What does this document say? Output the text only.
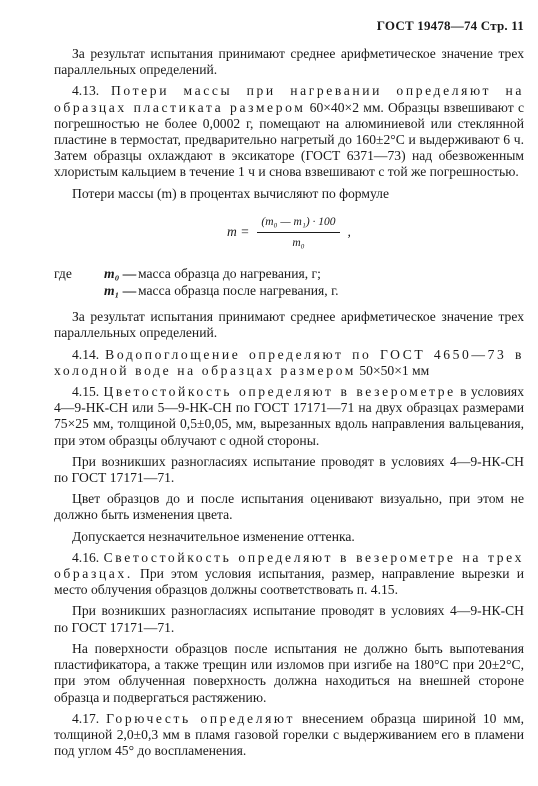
ГОСТ 19478—74 Стр. 11

За результат испытания принимают среднее арифметическое значение трех параллельных определений.

4.13. Потери массы при нагревании определяют на образцах пластиката размером 60×40×2 мм. Образцы взвешивают с погрешностью не более 0,0002 г, помещают на алюминиевой или стеклянной пластине в термостат, предварительно нагретый до 160±2°С и выдерживают 6 ч. Затем образцы охлаждают в эксикаторе (ГОСТ 6371—73) над обезвоженным хлористым кальцием в течение 1 ч и снова взвешивают с той же погрешностью.

Потери массы (m) в процентах вычисляют по формуле

$m = \frac{\text{(m₀ — m₁) · 100}}{\text{m₀}}$ ,
где	m₀ — масса образца до нагревания, г;
m₁ — масса образца после нагревания, г.

За результат испытания принимают среднее арифметическое значение трех параллельных определений.

4.14. Водопоглощение определяют по ГОСТ 4650—73 в холодной воде на образцах размером 50×50×1 мм

4.15. Цветостойкость определяют в везерометре в условиях 4—9-НК-СН или 5—9-НК-СН по ГОСТ 17171—71 на двух образцах размерами 75×25 мм, толщиной 0,5±0,05, мм, вырезанных вдоль направления вальцевания, при этом образцы облучают с одной стороны.

При возникших разногласиях испытание проводят в условиях 4—9-НК-СН по ГОСТ 17171—71.

Цвет образцов до и после испытания оценивают визуально, при этом не должно быть изменения цвета.

Допускается незначительное изменение оттенка.

4.16. Светостойкость определяют в везерометре на трех образцах. При этом условия испытания, размер, направление вырезки и место облучения образцов должны соответствовать п. 4.15.

При возникших разногласиях испытание проводят в условиях 4—9-НК-СН по ГОСТ 17171—71.

На поверхности образцов после испытания не должно быть выпотевания пластификатора, а также трещин или изломов при изгибе на 180°С при 20±2°С, при этом облученная поверхность должна находиться на внешней стороне образца и подвергаться растяжению.

4.17. Горючесть определяют внесением образца шириной 10 мм, толщиной 2,0±0,3 мм в пламя газовой горелки с выдерживанием его в пламени под углом 45° до воспламенения.
